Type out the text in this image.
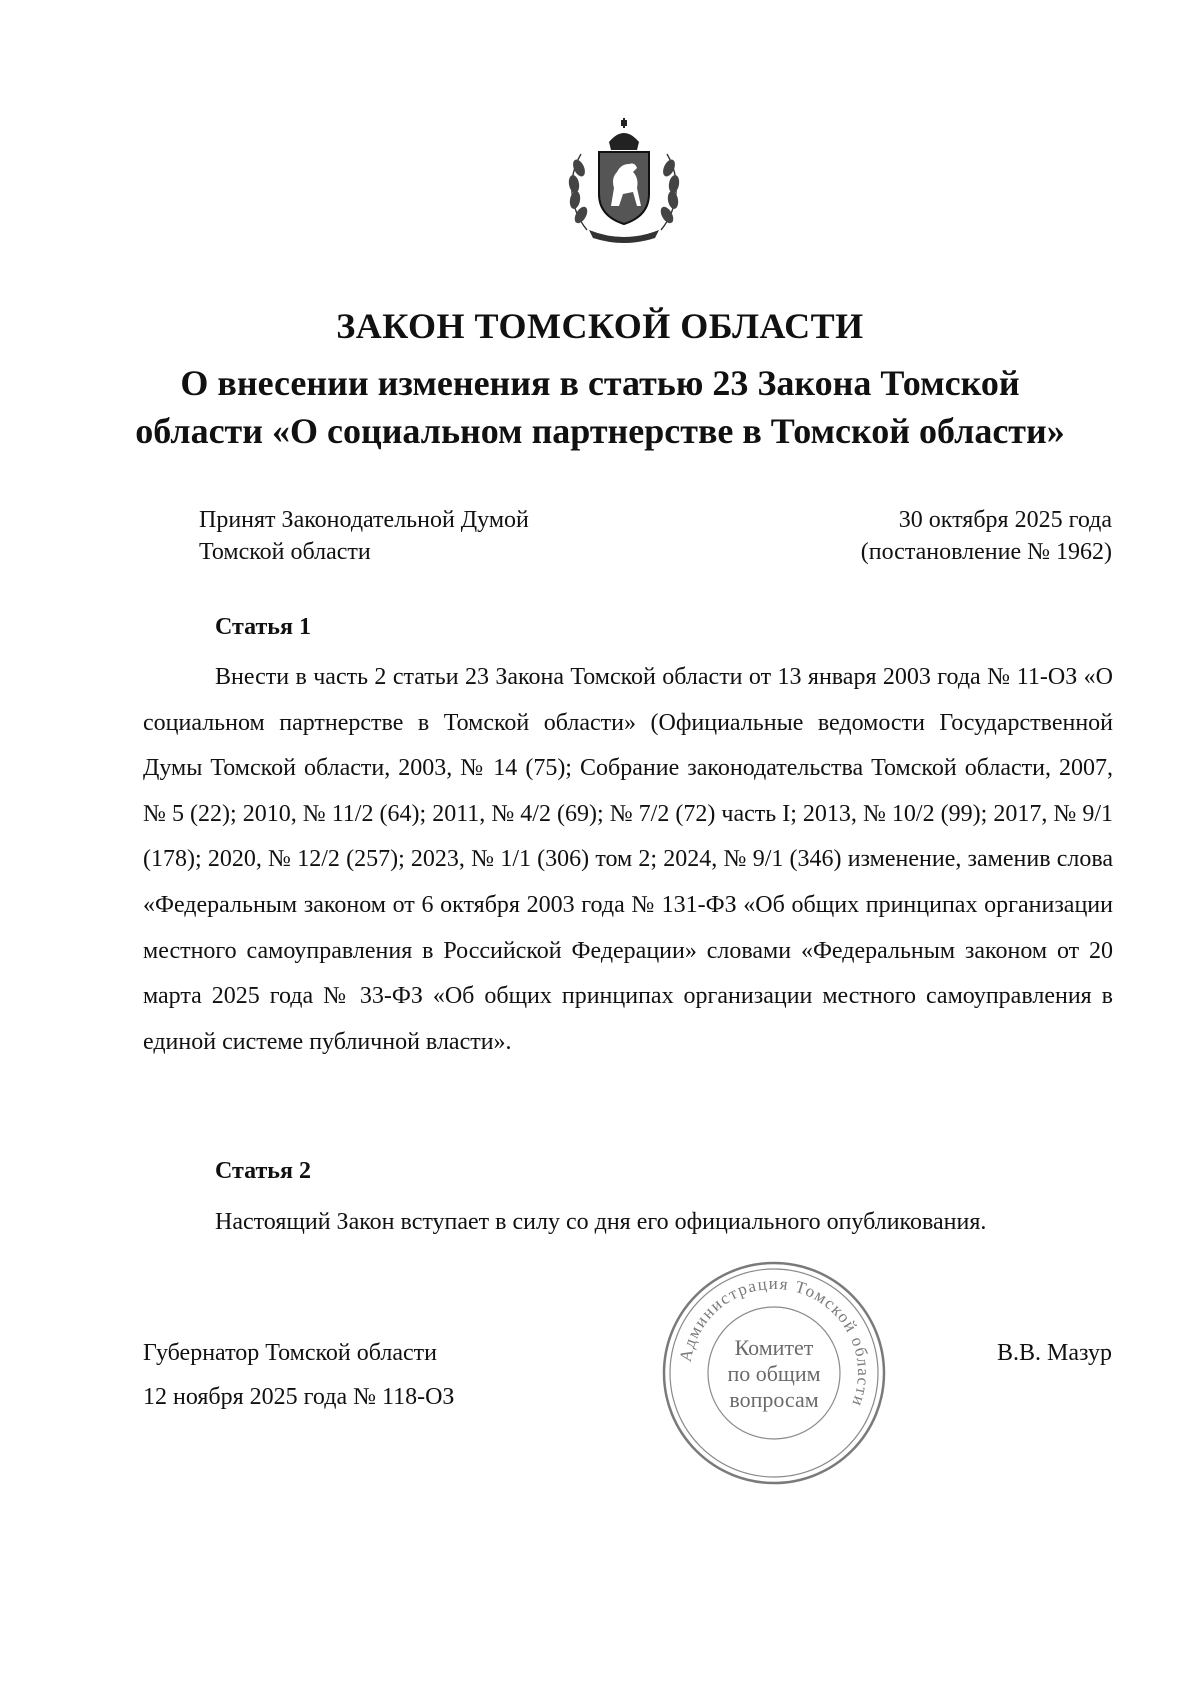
ЗАКОН ТОМСКОЙ ОБЛАСТИ
О внесении изменения в статью 23 Закона Томской
области «О социальном партнерстве в Томской области»
Принят Законодательной Думой
Томской области
30 октября 2025 года
(постановление № 1962)
Статья 1

Внести в часть 2 статьи 23 Закона Томской области от 13 января 2003 года № 11-ОЗ «О социальном партнерстве в Томской области» (Официальные ведомости Государственной Думы Томской области, 2003, № 14 (75); Собрание законодательства Томской области, 2007, № 5 (22); 2010, № 11/2 (64); 2011, № 4/2 (69); № 7/2 (72) часть I; 2013, № 10/2 (99); 2017, № 9/1 (178); 2020, № 12/2 (257); 2023, № 1/1 (306) том 2; 2024, № 9/1 (346) изменение, заменив слова «Федеральным законом от 6 октября 2003 года № 131-ФЗ «Об общих принципах организации местного самоуправления в Российской Федерации» словами «Федеральным законом от 20 марта 2025 года № 33-ФЗ «Об общих принципах организации местного самоуправления в единой системе публичной власти».

Статья 2

Настоящий Закон вступает в силу со дня его официального опубликования.

Губернатор Томской области
12 ноября 2025 года № 118-ОЗ
В.В. Мазур
Администрация Томской области
Комитет
по общим
вопросам
